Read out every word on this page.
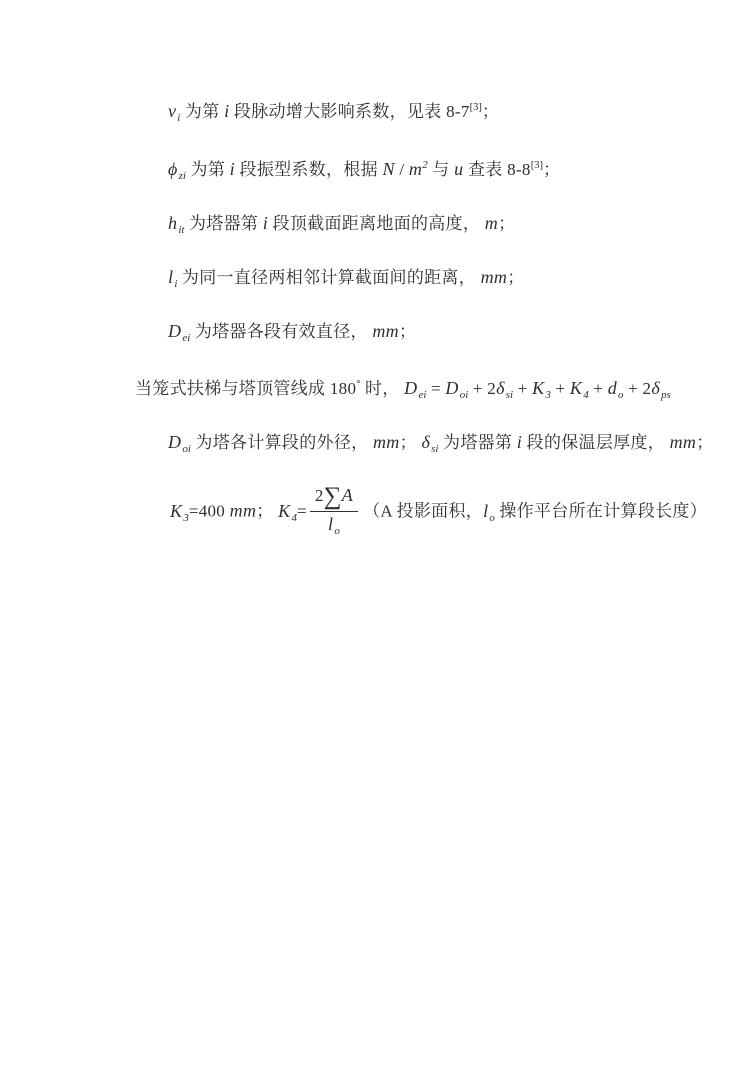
$v_i$ 为第 i 段脉动增大影响系数，见表 8-7[3]；
$\phi_{zi}$ 为第 i 段振型系数，根据 N / $m^2$ 与 u 查表 8-8[3]；
$h_{it}$ 为塔器第 i 段顶截面距离地面的高度， m；
$l_i$ 为同一直径两相邻计算截面间的距离， mm；
$D_{ei}$ 为塔器各段有效直径， mm；
当笼式扶梯与塔顶管线成 180° 时， $D_{ei} = D_{oi} + 2\delta_{si} + K_3 + K_4 + d_o + 2\delta_{ps}$
$D_{oi}$ 为塔各计算段的外径， mm； $\delta_{si}$ 为塔器第 i 段的保温层厚度， mm；
$K_3=400$ mm； $K_4= \frac{2\sum A}{l_o} (A$ 投影面积，$l_o$ 操作平台所在计算段长度）
